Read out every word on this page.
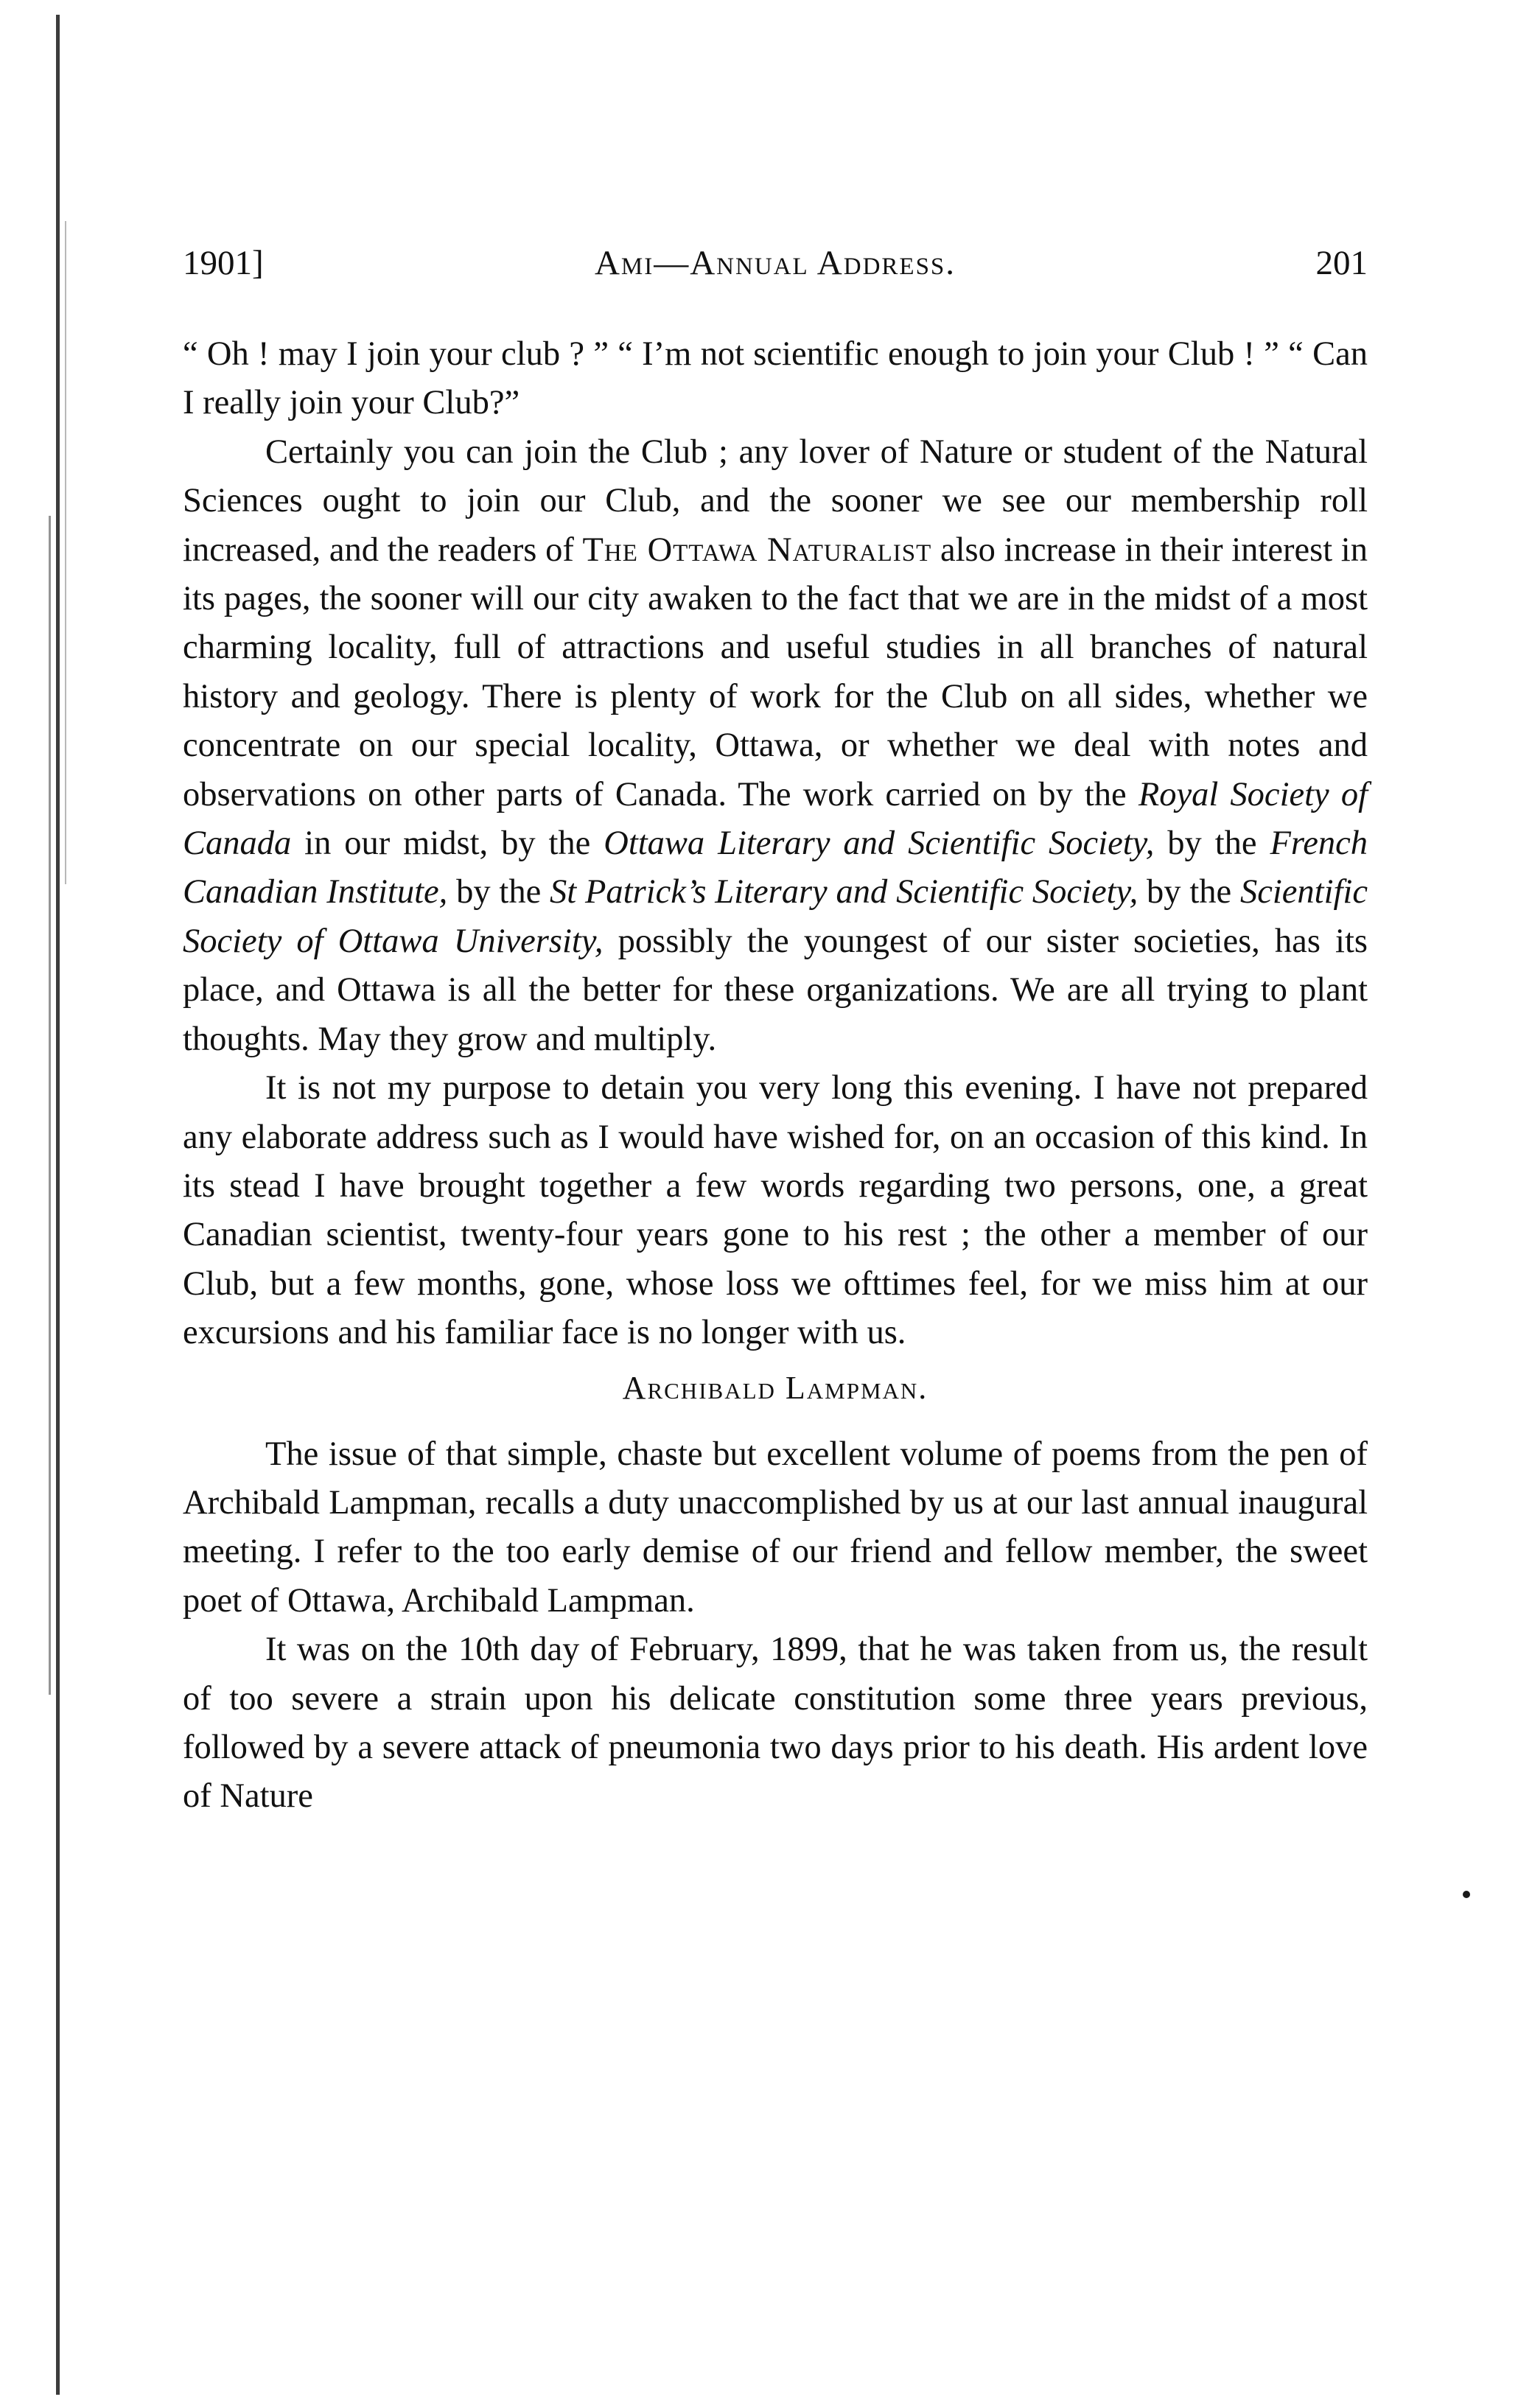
1901]	Ami—Annual Address.	201

“ Oh ! may I join your club ? ” “ I’m not scientific enough to join your Club ! ” “ Can I really join your Club?”

Certainly you can join the Club ; any lover of Nature or student of the Natural Sciences ought to join our Club, and the sooner we see our membership roll increased, and the readers of The Ottawa Naturalist also increase in their interest in its pages, the sooner will our city awaken to the fact that we are in the midst of a most charming locality, full of attractions and useful studies in all branches of natural history and geology. There is plenty of work for the Club on all sides, whether we concentrate on our special locality, Ottawa, or whether we deal with notes and observations on other parts of Canada. The work carried on by the Royal Society of Canada in our midst, by the Ottawa Literary and Scientific Society, by the French Canadian Institute, by the St Patrick’s Literary and Scientific Society, by the Scientific Society of Ottawa University, possibly the youngest of our sister societies, has its place, and Ottawa is all the better for these organizations. We are all trying to plant thoughts. May they grow and multiply.

It is not my purpose to detain you very long this evening. I have not prepared any elaborate address such as I would have wished for, on an occasion of this kind. In its stead I have brought together a few words regarding two persons, one, a great Canadian scientist, twenty-four years gone to his rest ; the other a member of our Club, but a few months, gone, whose loss we ofttimes feel, for we miss him at our excursions and his familiar face is no longer with us.

Archibald Lampman.

The issue of that simple, chaste but excellent volume of poems from the pen of Archibald Lampman, recalls a duty unaccomplished by us at our last annual inaugural meeting. I refer to the too early demise of our friend and fellow member, the sweet poet of Ottawa, Archibald Lampman.

It was on the 10th day of February, 1899, that he was taken from us, the result of too severe a strain upon his delicate constitution some three years previous, followed by a severe attack of pneumonia two days prior to his death. His ardent love of Nature
